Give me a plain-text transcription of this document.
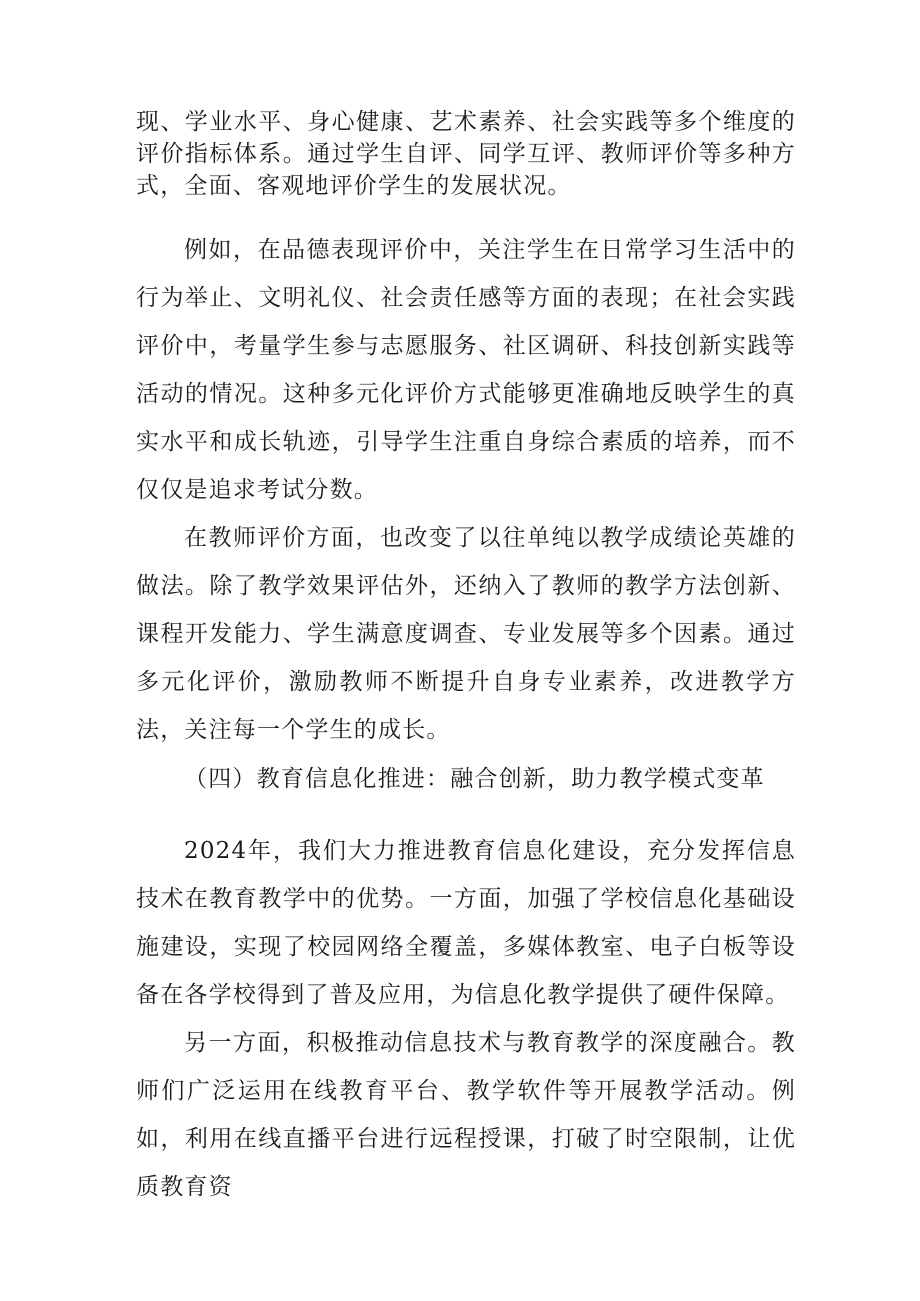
现、学业水平、身心健康、艺术素养、社会实践等多个维度的评价指标体系。通过学生自评、同学互评、教师评价等多种方式，全面、客观地评价学生的发展状况。

例如，在品德表现评价中，关注学生在日常学习生活中的行为举止、文明礼仪、社会责任感等方面的表现；在社会实践评价中，考量学生参与志愿服务、社区调研、科技创新实践等活动的情况。这种多元化评价方式能够更准确地反映学生的真实水平和成长轨迹，引导学生注重自身综合素质的培养，而不仅仅是追求考试分数。

在教师评价方面，也改变了以往单纯以教学成绩论英雄的做法。除了教学效果评估外，还纳入了教师的教学方法创新、课程开发能力、学生满意度调查、专业发展等多个因素。通过多元化评价，激励教师不断提升自身专业素养，改进教学方法，关注每一个学生的成长。

（四）教育信息化推进：融合创新，助力教学模式变革

2024年，我们大力推进教育信息化建设，充分发挥信息技术在教育教学中的优势。一方面，加强了学校信息化基础设施建设，实现了校园网络全覆盖，多媒体教室、电子白板等设备在各学校得到了普及应用，为信息化教学提供了硬件保障。

另一方面，积极推动信息技术与教育教学的深度融合。教师们广泛运用在线教育平台、教学软件等开展教学活动。例如，利用在线直播平台进行远程授课，打破了时空限制，让优质教育资
